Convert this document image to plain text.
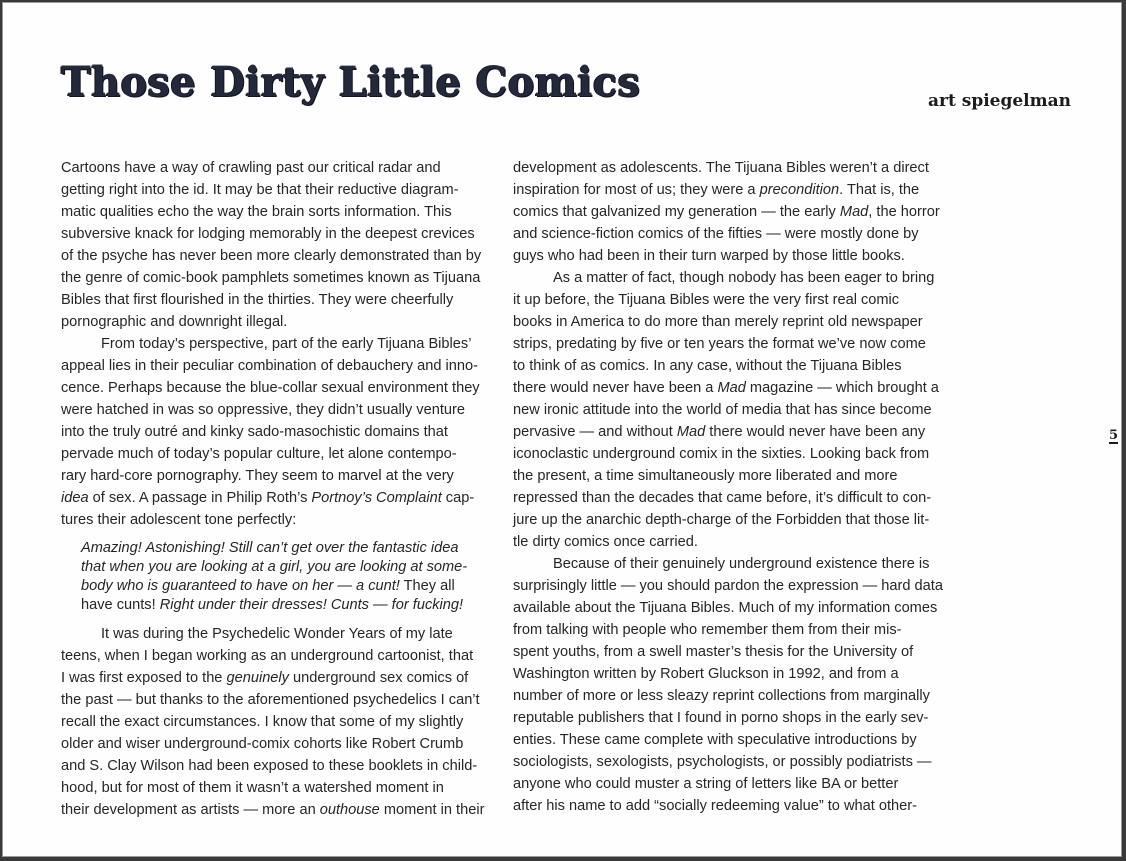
Those Dirty Little Comics	art spiegelman
Cartoons have a way of crawling past our critical radar and
getting right into the id. It may be that their reductive diagram-
matic qualities echo the way the brain sorts information. This
subversive knack for lodging memorably in the deepest crevices
of the psyche has never been more clearly demonstrated than by
the genre of comic-book pamphlets sometimes known as Tijuana
Bibles that first flourished in the thirties. They were cheerfully
pornographic and downright illegal.
From today’s perspective, part of the early Tijuana Bibles’
appeal lies in their peculiar combination of debauchery and inno-
cence. Perhaps because the blue-collar sexual environment they
were hatched in was so oppressive, they didn’t usually venture
into the truly outré and kinky sado-masochistic domains that
pervade much of today’s popular culture, let alone contempo-
rary hard-core pornography. They seem to marvel at the very
idea of sex. A passage in Philip Roth’s Portnoy’s Complaint cap-
tures their adolescent tone perfectly:
Amazing! Astonishing! Still can’t get over the fantastic idea
that when you are looking at a girl, you are looking at some-
body who is guaranteed to have on her — a cunt! They all
have cunts! Right under their dresses! Cunts — for fucking!
It was during the Psychedelic Wonder Years of my late
teens, when I began working as an underground cartoonist, that
I was first exposed to the genuinely underground sex comics of
the past — but thanks to the aforementioned psychedelics I can’t
recall the exact circumstances. I know that some of my slightly
older and wiser underground-comix cohorts like Robert Crumb
and S. Clay Wilson had been exposed to these booklets in child-
hood, but for most of them it wasn’t a watershed moment in
their development as artists — more an outhouse moment in their
development as adolescents. The Tijuana Bibles weren’t a direct
inspiration for most of us; they were a precondition. That is, the
comics that galvanized my generation — the early Mad, the horror
and science-fiction comics of the fifties — were mostly done by
guys who had been in their turn warped by those little books.
As a matter of fact, though nobody has been eager to bring
it up before, the Tijuana Bibles were the very first real comic
books in America to do more than merely reprint old newspaper
strips, predating by five or ten years the format we’ve now come
to think of as comics. In any case, without the Tijuana Bibles
there would never have been a Mad magazine — which brought a
new ironic attitude into the world of media that has since become
pervasive — and without Mad there would never have been any
iconoclastic underground comix in the sixties. Looking back from
the present, a time simultaneously more liberated and more
repressed than the decades that came before, it’s difficult to con-
jure up the anarchic depth-charge of the Forbidden that those lit-
tle dirty comics once carried.
Because of their genuinely underground existence there is
surprisingly little — you should pardon the expression — hard data
available about the Tijuana Bibles. Much of my information comes
from talking with people who remember them from their mis-
spent youths, from a swell master’s thesis for the University of
Washington written by Robert Gluckson in 1992, and from a
number of more or less sleazy reprint collections from marginally
reputable publishers that I found in porno shops in the early sev-
enties. These came complete with speculative introductions by
sociologists, sexologists, psychologists, or possibly podiatrists —
anyone who could muster a string of letters like BA or better
after his name to add “socially redeeming value” to what other-
5
